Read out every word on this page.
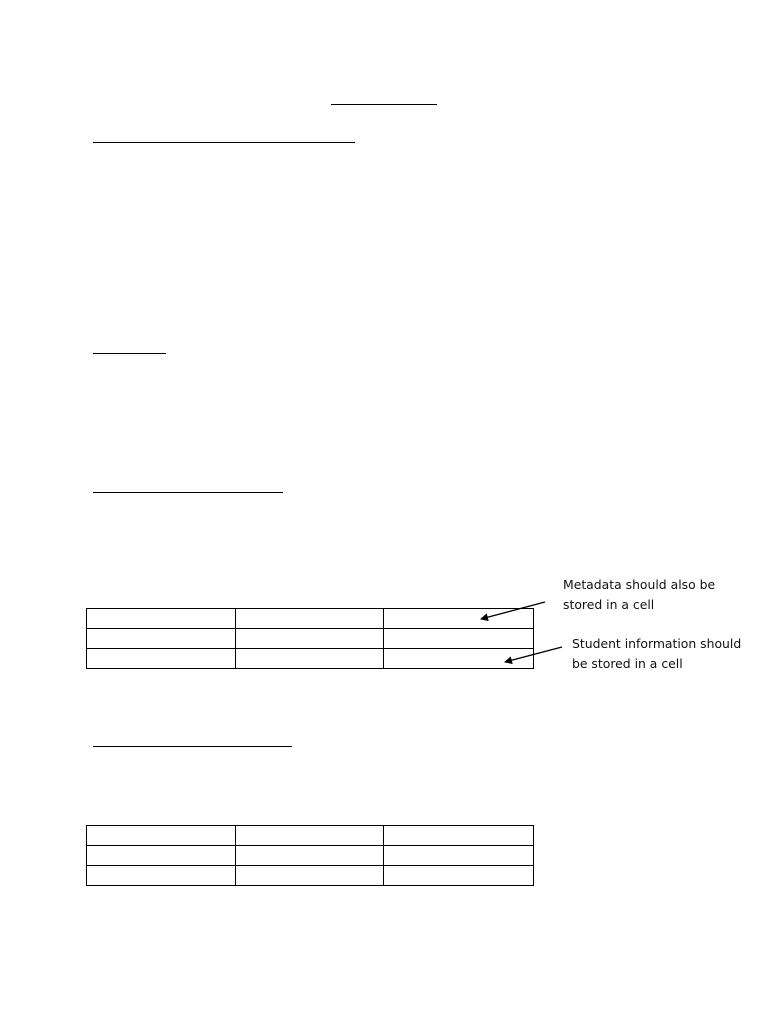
Metadata should also be
stored in a cell
Student information should
be stored in a cell
